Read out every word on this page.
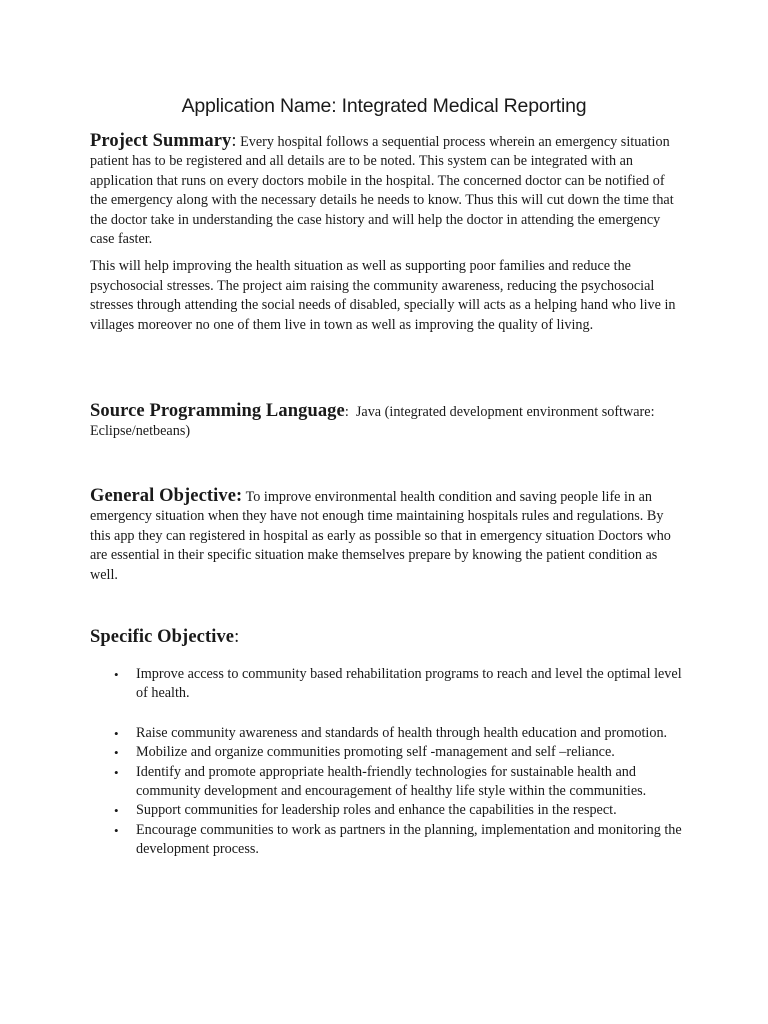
Application Name: Integrated Medical Reporting

Project Summary: Every hospital follows a sequential process wherein an emergency situation patient has to be registered and all details are to be noted. This system can be integrated with an application that runs on every doctors mobile in the hospital. The concerned doctor can be notified of the emergency along with the necessary details he needs to know. Thus this will cut down the time that the doctor take in understanding the case history and will help the doctor in attending the emergency case faster.

This will help improving the health situation as well as supporting poor families and reduce the psychosocial stresses. The project aim raising the community awareness, reducing the psychosocial stresses through attending the social needs of disabled, specially will acts as a helping hand who live in villages moreover no one of them live in town as well as improving the quality of living.

Source Programming Language: Java (integrated development environment software: Eclipse/netbeans)

General Objective: To improve environmental health condition and saving people life in an emergency situation when they have not enough time maintaining hospitals rules and regulations. By this app they can registered in hospital as early as possible so that in emergency situation Doctors who are essential in their specific situation make themselves prepare by knowing the patient condition as well.

Specific Objective:

• Improve access to community based rehabilitation programs to reach and level the optimal level of health.
• Raise community awareness and standards of health through health education and promotion.
• Mobilize and organize communities promoting self -management and self –reliance.
• Identify and promote appropriate health-friendly technologies for sustainable health and community development and encouragement of healthy life style within the communities.
• Support communities for leadership roles and enhance the capabilities in the respect.
• Encourage communities to work as partners in the planning, implementation and monitoring the development process.
